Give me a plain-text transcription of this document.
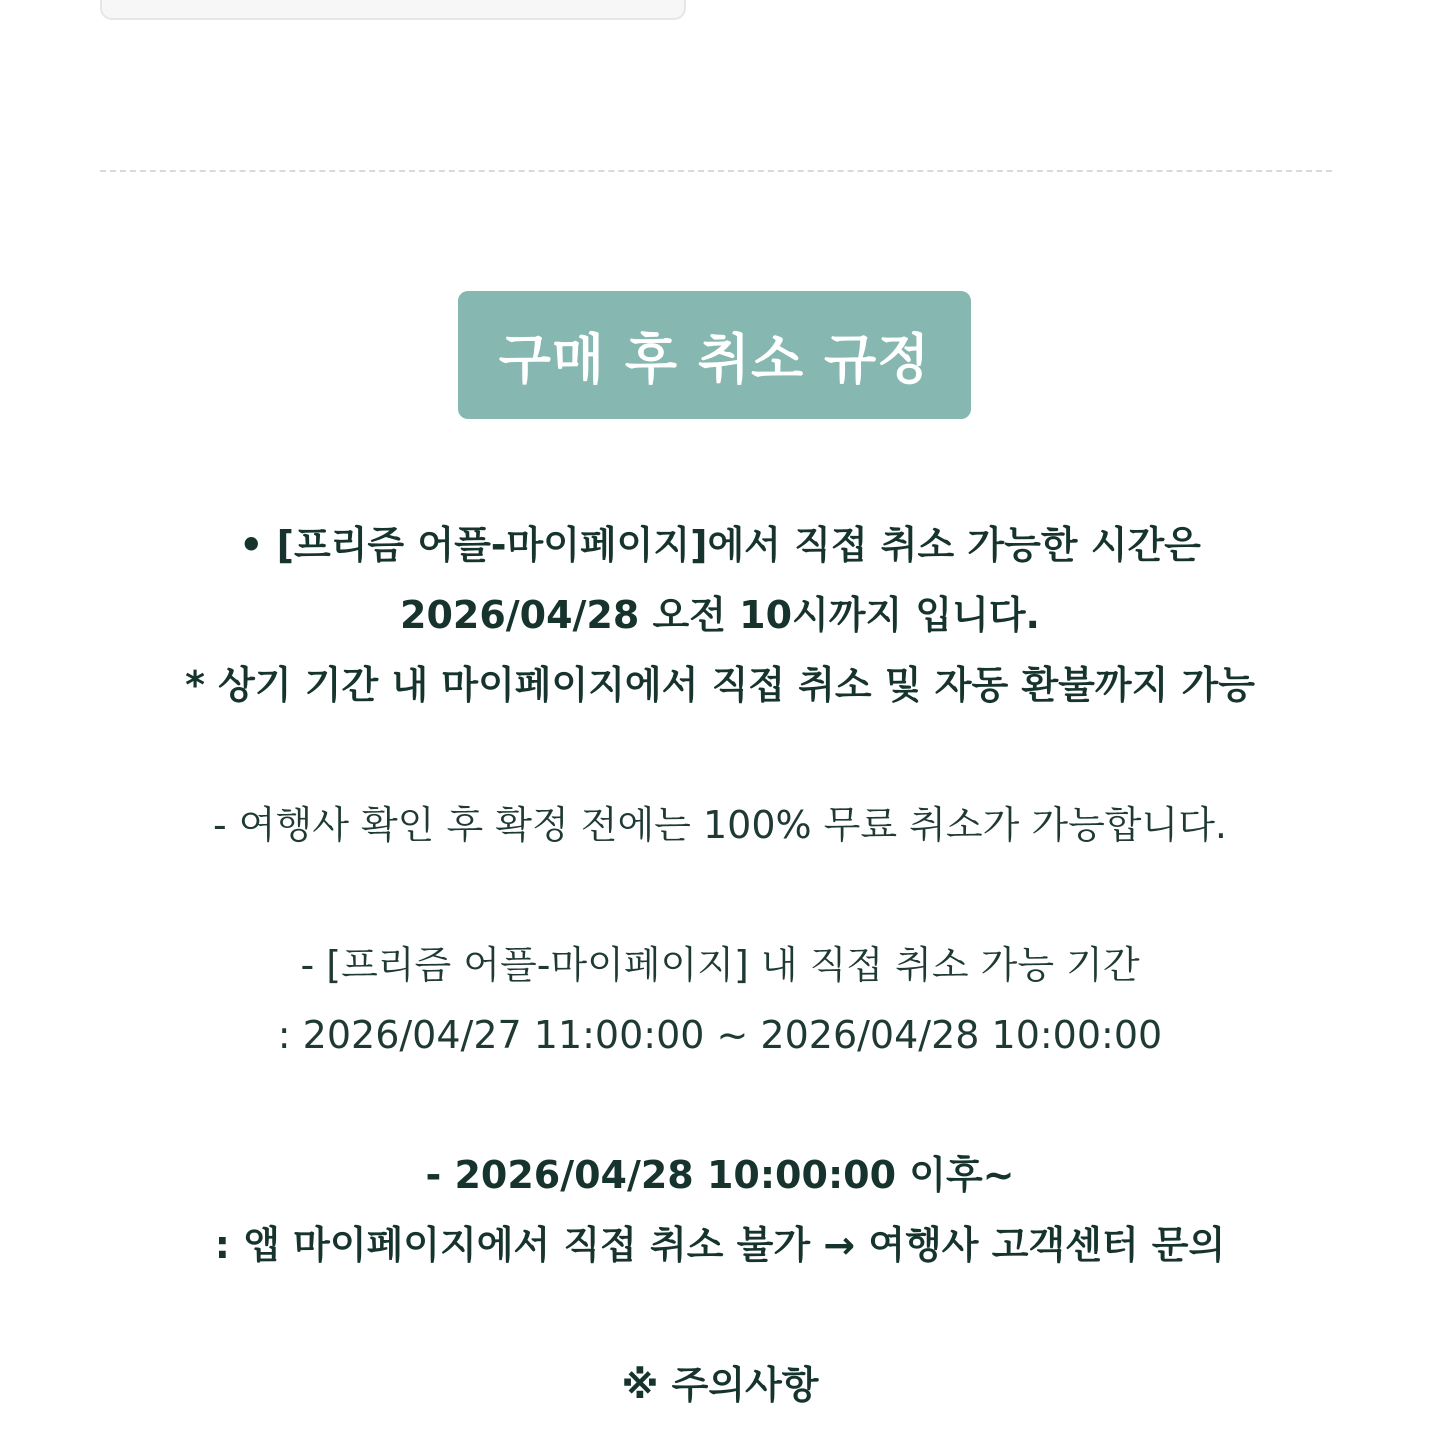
구매 후 취소 규정
• [프리즘 어플-마이페이지]에서 직접 취소 가능한 시간은
2026/04/28 오전 10시까지 입니다.
* 상기 기간 내 마이페이지에서 직접 취소 및 자동 환불까지 가능
- 여행사 확인 후 확정 전에는 100% 무료 취소가 가능합니다.
- [프리즘 어플-마이페이지] 내 직접 취소 가능 기간
: 2026/04/27 11:00:00 ~ 2026/04/28 10:00:00
- 2026/04/28 10:00:00 이후~
: 앱 마이페이지에서 직접 취소 불가 → 여행사 고객센터 문의
※ 주의사항
